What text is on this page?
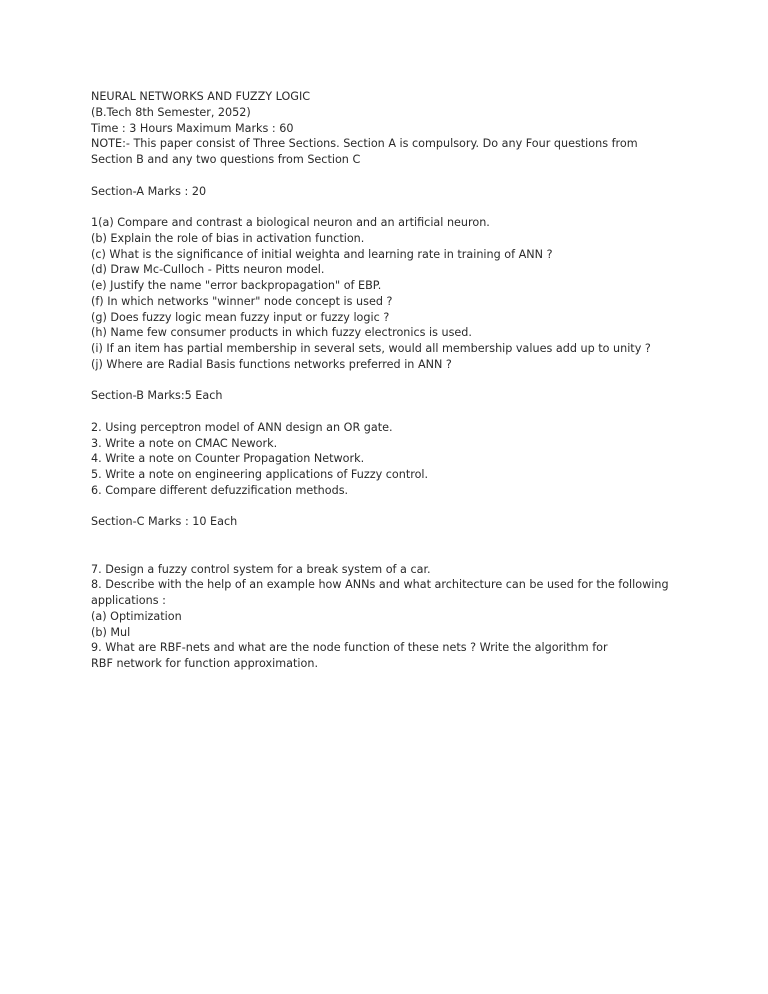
NEURAL NETWORKS AND FUZZY LOGIC
(B.Tech 8th Semester, 2052)
Time : 3 Hours Maximum Marks : 60
NOTE:- This paper consist of Three Sections. Section A is compulsory. Do any Four questions from
Section B and any two questions from Section C
Section-A Marks : 20
1(a) Compare and contrast a biological neuron and an artificial neuron.
(b) Explain the role of bias in activation function.
(c) What is the significance of initial weighta and learning rate in training of ANN ?
(d) Draw Mc-Culloch - Pitts neuron model.
(e) Justify the name "error backpropagation" of EBP.
(f) In which networks "winner" node concept is used ?
(g) Does fuzzy logic mean fuzzy input or fuzzy logic ?
(h) Name few consumer products in which fuzzy electronics is used.
(i) If an item has partial membership in several sets, would all membership values add up to unity ?
(j) Where are Radial Basis functions networks preferred in ANN ?
Section-B Marks:5 Each
2. Using perceptron model of ANN design an OR gate.
3. Write a note on CMAC Nework.
4. Write a note on Counter Propagation Network.
5. Write a note on engineering applications of Fuzzy control.
6. Compare different defuzzification methods.
Section-C Marks : 10 Each
7. Design a fuzzy control system for a break system of a car.
8. Describe with the help of an example how ANNs and what architecture can be used for the following
applications :
(a) Optimization
(b) Mul
9. What are RBF-nets and what are the node function of these nets ? Write the algorithm for
RBF network for function approximation.
